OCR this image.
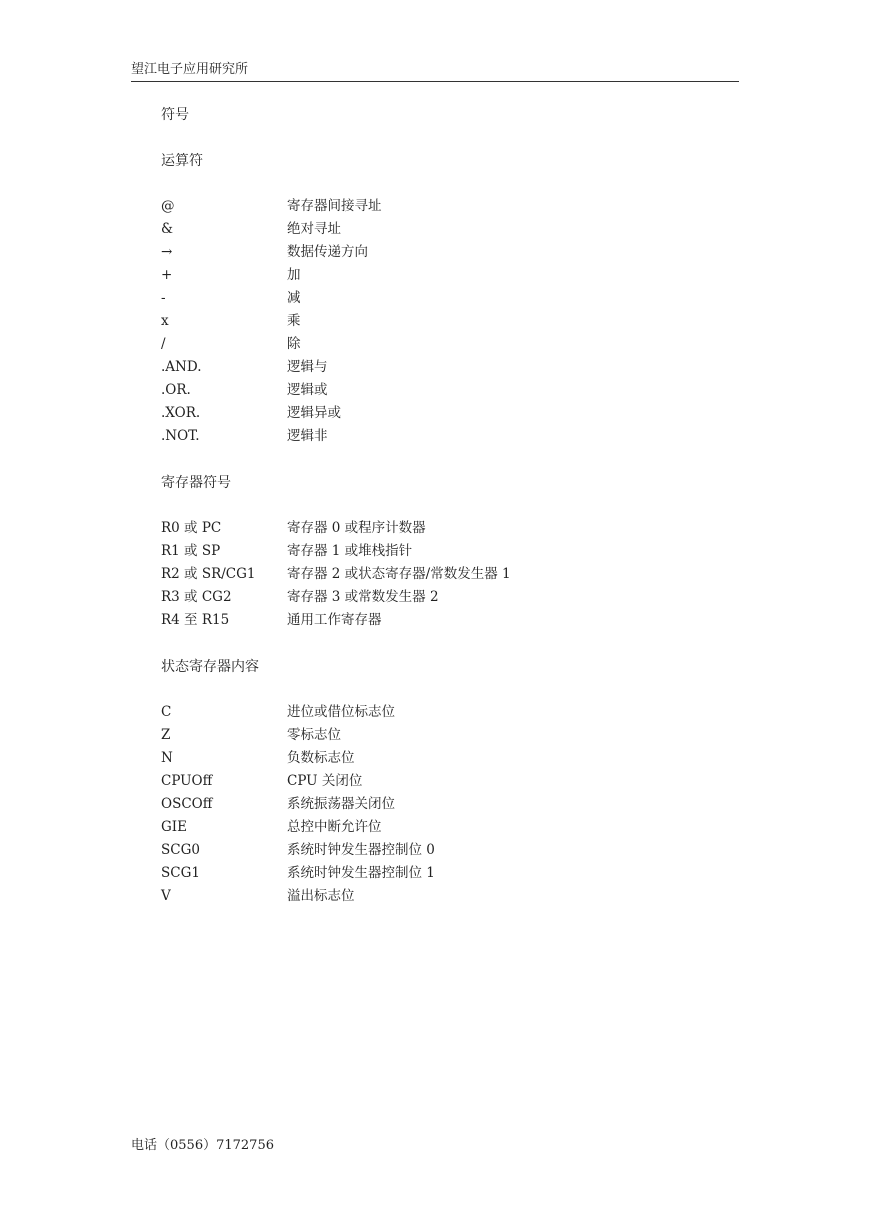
望江电子应用研究所
符号
运算符
@	寄存器间接寻址
&	绝对寻址
→	数据传递方向
+	加
-	减
x	乘
/	除
.AND.	逻辑与
.OR.	逻辑或
.XOR.	逻辑异或
.NOT.	逻辑非
寄存器符号
R0 或 PC	寄存器 0 或程序计数器
R1 或 SP	寄存器 1 或堆栈指针
R2 或 SR/CG1	寄存器 2 或状态寄存器/常数发生器 1
R3 或 CG2	寄存器 3 或常数发生器 2
R4 至 R15	通用工作寄存器
状态寄存器内容
C	进位或借位标志位
Z	零标志位
N	负数标志位
CPUOff	CPU 关闭位
OSCOff	系统振荡器关闭位
GIE	总控中断允许位
SCG0	系统时钟发生器控制位 0
SCG1	系统时钟发生器控制位 1
V	溢出标志位
电话（0556）7172756
